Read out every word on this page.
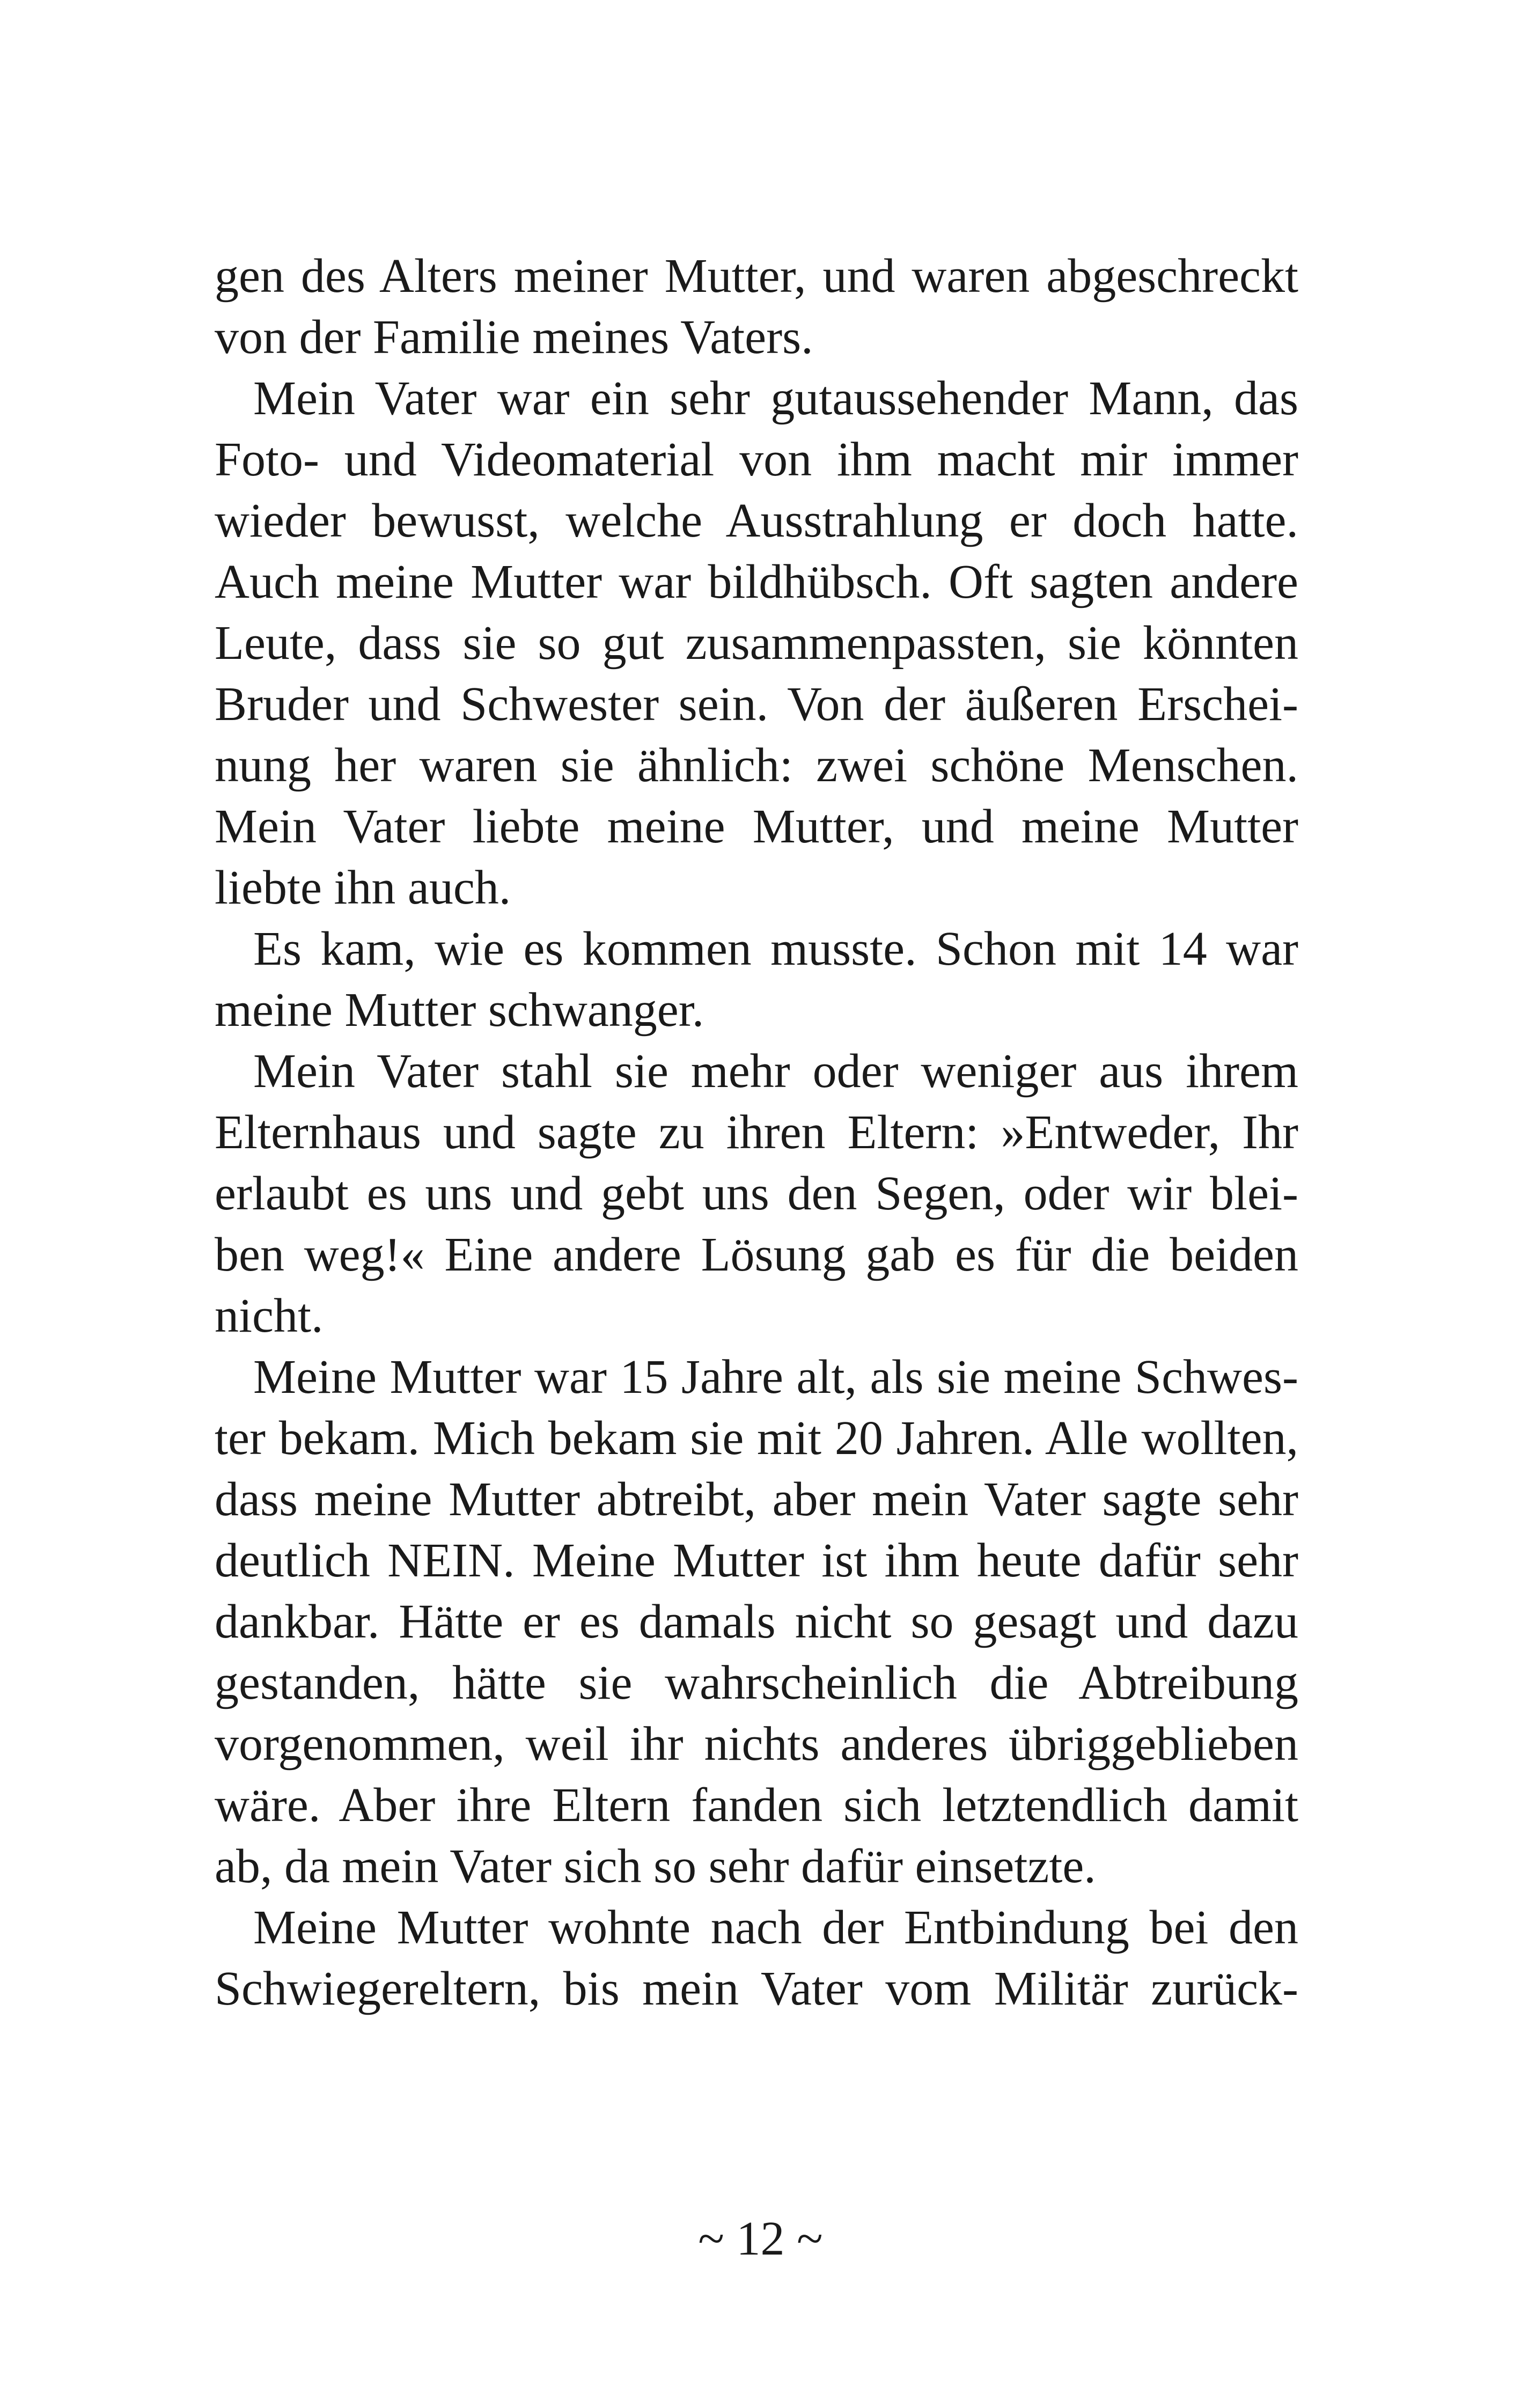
gen des Alters meiner Mutter, und waren abgeschreckt
von der Familie meines Vaters.
Mein Vater war ein sehr gutaussehender Mann, das
Foto- und Videomaterial von ihm macht mir immer
wieder bewusst, welche Ausstrahlung er doch hatte.
Auch meine Mutter war bildhübsch. Oft sagten andere
Leute, dass sie so gut zusammenpassten, sie könnten
Bruder und Schwester sein. Von der äußeren Erschei-
nung her waren sie ähnlich: zwei schöne Menschen.
Mein Vater liebte meine Mutter, und meine Mutter
liebte ihn auch.
Es kam, wie es kommen musste. Schon mit 14 war
meine Mutter schwanger.
Mein Vater stahl sie mehr oder weniger aus ihrem
Elternhaus und sagte zu ihren Eltern: »Entweder, Ihr
erlaubt es uns und gebt uns den Segen, oder wir blei-
ben weg!« Eine andere Lösung gab es für die beiden
nicht.
Meine Mutter war 15 Jahre alt, als sie meine Schwes-
ter bekam. Mich bekam sie mit 20 Jahren. Alle wollten,
dass meine Mutter abtreibt, aber mein Vater sagte sehr
deutlich NEIN. Meine Mutter ist ihm heute dafür sehr
dankbar. Hätte er es damals nicht so gesagt und dazu
gestanden, hätte sie wahrscheinlich die Abtreibung
vorgenommen, weil ihr nichts anderes übriggeblieben
wäre. Aber ihre Eltern fanden sich letztendlich damit
ab, da mein Vater sich so sehr dafür einsetzte.
Meine Mutter wohnte nach der Entbindung bei den
Schwiegereltern, bis mein Vater vom Militär zurück-
~ 12 ~
